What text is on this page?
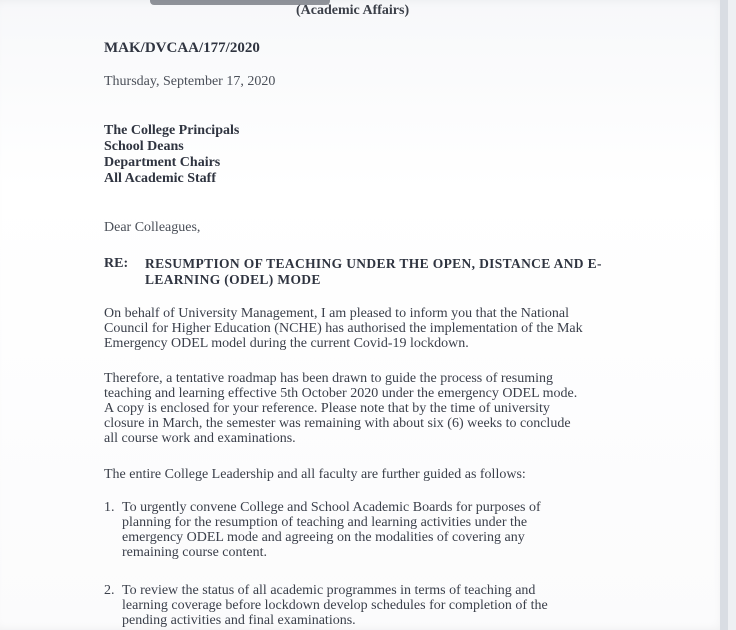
(Academic Affairs)
MAK/DVCAA/177/2020
Thursday, September 17, 2020
The College Principals
School Deans
Department Chairs
All Academic Staff
Dear Colleagues,
RE: RESUMPTION OF TEACHING UNDER THE OPEN, DISTANCE AND E-
LEARNING (ODEL) MODE
On behalf of University Management, I am pleased to inform you that the National
Council for Higher Education (NCHE) has authorised the implementation of the Mak
Emergency ODEL model during the current Covid-19 lockdown.
Therefore, a tentative roadmap has been drawn to guide the process of resuming
teaching and learning effective 5th October 2020 under the emergency ODEL mode.
A copy is enclosed for your reference. Please note that by the time of university
closure in March, the semester was remaining with about six (6) weeks to conclude
all course work and examinations.
The entire College Leadership and all faculty are further guided as follows:
1. To urgently convene College and School Academic Boards for purposes of
planning for the resumption of teaching and learning activities under the
emergency ODEL mode and agreeing on the modalities of covering any
remaining course content.
2. To review the status of all academic programmes in terms of teaching and
learning coverage before lockdown develop schedules for completion of the
pending activities and final examinations.
